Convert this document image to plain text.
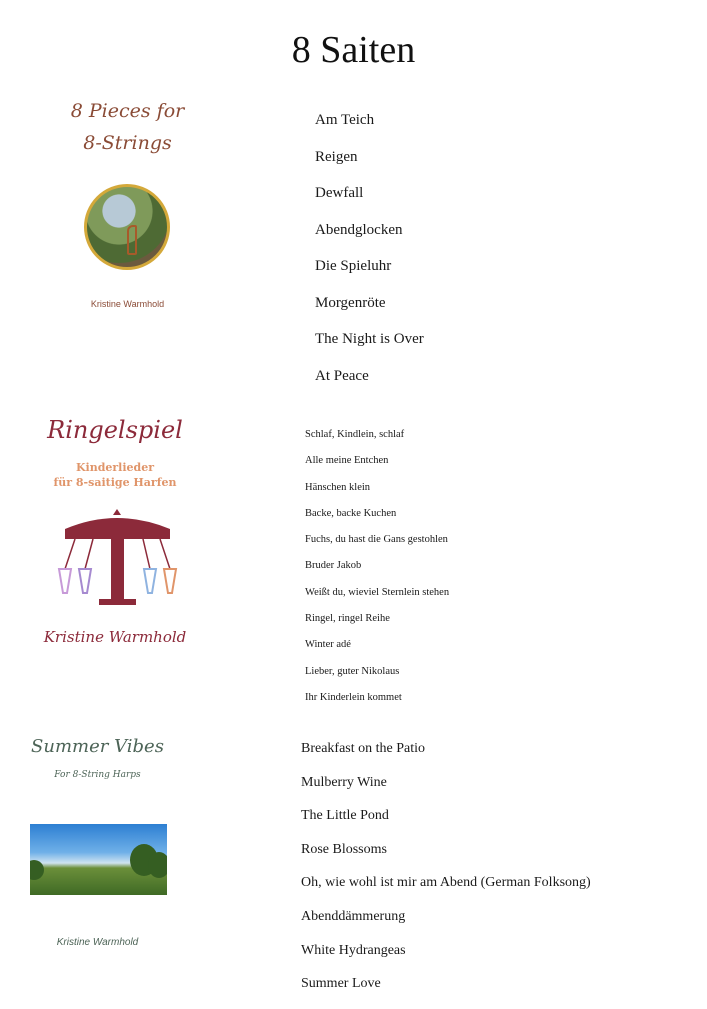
8 Saiten
8 Pieces for
8-Strings
Kristine Warmhold
Am Teich
Reigen
Dewfall
Abendglocken
Die Spieluhr
Morgenröte
The Night is Over
At Peace
Ringelspiel
Kinderlieder
für 8-saitige Harfen
Kristine Warmhold
Schlaf, Kindlein, schlaf
Alle meine Entchen
Hänschen klein
Backe, backe Kuchen
Fuchs, du hast die Gans gestohlen
Bruder Jakob
Weißt du, wieviel Sternlein stehen
Ringel, ringel Reihe
Winter adé
Lieber, guter Nikolaus
Ihr Kinderlein kommet
Summer Vibes
For 8-String Harps
Kristine Warmhold
Breakfast on the Patio
Mulberry Wine
The Little Pond
Rose Blossoms
Oh, wie wohl ist mir am Abend (German Folksong)
Abenddämmerung
White Hydrangeas
Summer Love
